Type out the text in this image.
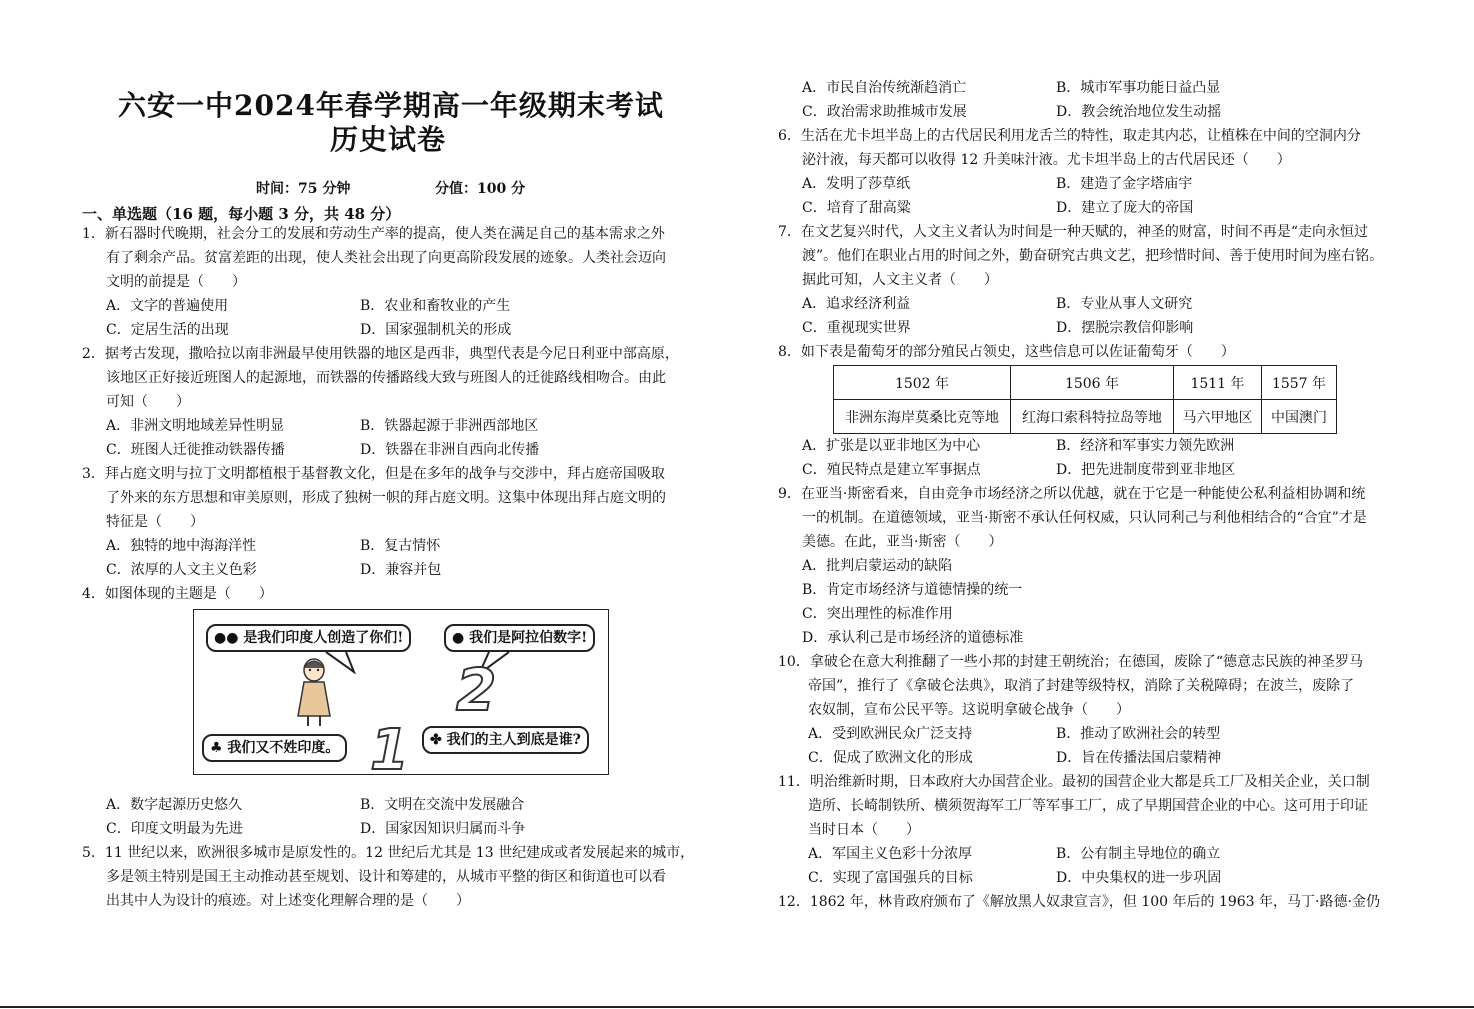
六安一中2024年春学期高一年级期末考试
历史试卷
时间：75 分钟	分值：100 分
一、单选题（16 题，每小题 3 分，共 48 分）
1．新石器时代晚期，社会分工的发展和劳动生产率的提高，使人类在满足自己的基本需求之外
有了剩余产品。贫富差距的出现，使人类社会出现了向更高阶段发展的迹象。人类社会迈向
文明的前提是（　　）
A．文字的普遍使用	B．农业和畜牧业的产生
C．定居生活的出现	D．国家强制机关的形成
2．据考古发现，撒哈拉以南非洲最早使用铁器的地区是西非，典型代表是今尼日利亚中部高原，
该地区正好接近班图人的起源地，而铁器的传播路线大致与班图人的迁徙路线相吻合。由此
可知（　　）
A．非洲文明地域差异性明显	B．铁器起源于非洲西部地区
C．班图人迁徙推动铁器传播	D．铁器在非洲自西向北传播
3．拜占庭文明与拉丁文明都植根于基督教文化，但是在多年的战争与交涉中，拜占庭帝国吸取
了外来的东方思想和审美原则，形成了独树一帜的拜占庭文明。这集中体现出拜占庭文明的
特征是（　　）
A．独特的地中海海洋性	B．复古情怀
C．浓厚的人文主义色彩	D．兼容并包
4．如图体现的主题是（　　）
●● 是我们印度人创造了你们!	● 我们是阿拉伯数字!
2
1
♣ 我们又不姓印度。	✤ 我们的主人到底是谁?
A．数字起源历史悠久	B．文明在交流中发展融合
C．印度文明最为先进	D．国家因知识归属而斗争
5．11 世纪以来，欧洲很多城市是原发性的。12 世纪后尤其是 13 世纪建成或者发展起来的城市，
多是领主特别是国王主动推动甚至规划、设计和筹建的，从城市平整的街区和街道也可以看
出其中人为设计的痕迹。对上述变化理解合理的是（　　）
A．市民自治传统渐趋消亡	B．城市军事功能日益凸显
C．政治需求助推城市发展	D．教会统治地位发生动摇
6．生活在尤卡坦半岛上的古代居民利用龙舌兰的特性，取走其内芯，让植株在中间的空洞内分
泌汁液，每天都可以收得 12 升美味汁液。尤卡坦半岛上的古代居民还（　　）
A．发明了莎草纸	B．建造了金字塔庙宇
C．培育了甜高粱	D．建立了庞大的帝国
7．在文艺复兴时代，人文主义者认为时间是一种天赋的，神圣的财富，时间不再是“走向永恒过
渡”。他们在职业占用的时间之外，勤奋研究古典文艺，把珍惜时间、善于使用时间为座右铭。
据此可知，人文主义者（　　）
A．追求经济利益	B．专业从事人文研究
C．重视现实世界	D．摆脱宗教信仰影响
8．如下表是葡萄牙的部分殖民占领史，这些信息可以佐证葡萄牙（　　）
1502 年	1506 年	1511 年	1557 年
非洲东海岸莫桑比克等地	红海口索科特拉岛等地	马六甲地区	中国澳门
A．扩张是以亚非地区为中心	B．经济和军事实力领先欧洲
C．殖民特点是建立军事据点	D．把先进制度带到亚非地区
9．在亚当·斯密看来，自由竞争市场经济之所以优越，就在于它是一种能使公私利益相协调和统
一的机制。在道德领域，亚当·斯密不承认任何权威，只认同利己与利他相结合的“合宜”才是
美德。在此，亚当·斯密（　　）
A．批判启蒙运动的缺陷
B．肯定市场经济与道德情操的统一
C．突出理性的标准作用
D．承认利己是市场经济的道德标准
10．拿破仑在意大利推翻了一些小邦的封建王朝统治；在德国，废除了“德意志民族的神圣罗马
帝国”，推行了《拿破仑法典》，取消了封建等级特权，消除了关税障碍；在波兰，废除了
农奴制，宣布公民平等。这说明拿破仑战争（　　）
A．受到欧洲民众广泛支持	B．推动了欧洲社会的转型
C．促成了欧洲文化的形成	D．旨在传播法国启蒙精神
11．明治维新时期，日本政府大办国营企业。最初的国营企业大都是兵工厂及相关企业，关口制
造所、长崎制铁所、横须贺海军工厂等军事工厂，成了早期国营企业的中心。这可用于印证
当时日本（　　）
A．军国主义色彩十分浓厚	B．公有制主导地位的确立
C．实现了富国强兵的目标	D．中央集权的进一步巩固
12．1862 年，林肯政府颁布了《解放黑人奴隶宣言》，但 100 年后的 1963 年，马丁·路德·金仍
